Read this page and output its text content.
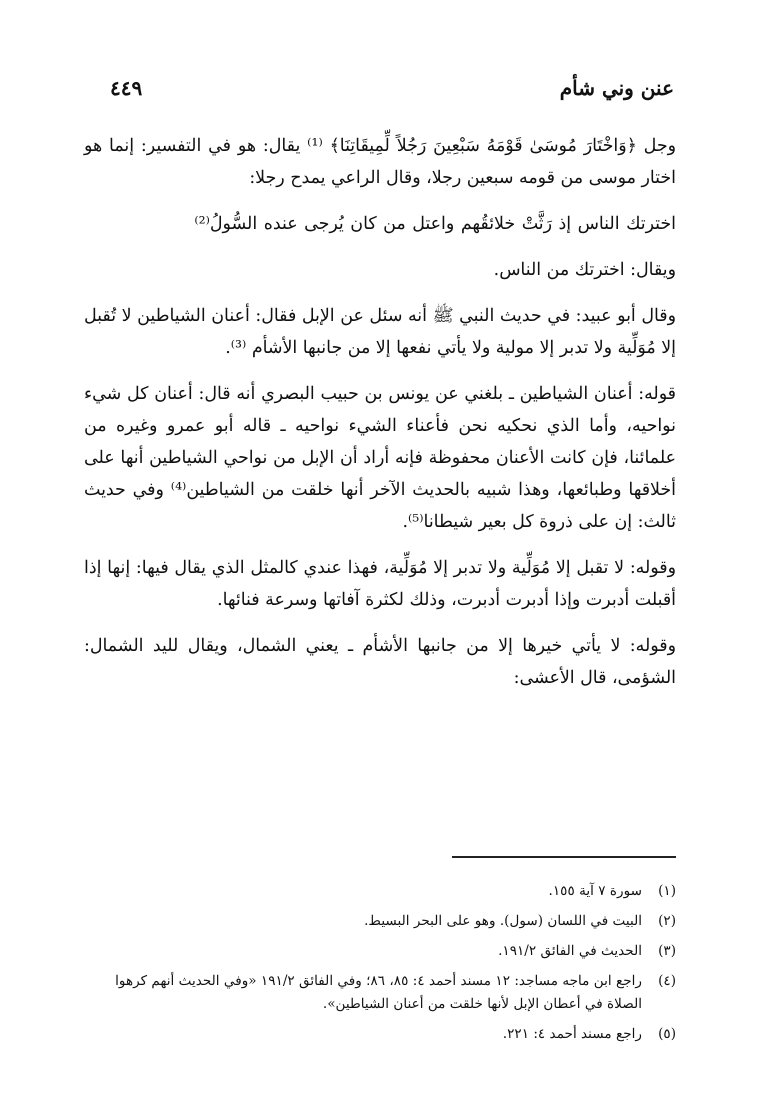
عنن وني شأم
٤٤٩

وجل ﴿وَاخْتَارَ مُوسَىٰ قَوْمَهُ سَبْعِينَ رَجُلاً لِّمِيقَاتِنَا﴾ ⁽¹⁾ يقال: هو في التفسير: إنما هو اختار موسى من قومه سبعين رجلا، وقال الراعي يمدح رجلا:

اخترتك الناس إذ رَثَّتْ خلائقُهم واعتل من كان يُرجى عنده السُّولُ⁽²⁾

ويقال: اخترتك من الناس.

وقال أبو عبيد: في حديث النبي ﷺ أنه سئل عن الإبل فقال: أعنان الشياطين لا تُقبل إلا مُوَلِّية ولا تدبر إلا مولية ولا يأتي نفعها إلا من جانبها الأشأم ⁽³⁾.

قوله: أعنان الشياطين ـ بلغني عن يونس بن حبيب البصري أنه قال: أعنان كل شيء نواحيه، وأما الذي نحكيه نحن فأعناء الشيء نواحيه ـ قاله أبو عمرو وغيره من علمائنا، فإن كانت الأعنان محفوظة فإنه أراد أن الإبل من نواحي الشياطين أنها على أخلاقها وطبائعها، وهذا شبيه بالحديث الآخر أنها خلقت من الشياطين⁽⁴⁾ وفي حديث ثالث: إن على ذروة كل بعير شيطانا⁽⁵⁾.

وقوله: لا تقبل إلا مُوَلِّية ولا تدبر إلا مُوَلِّية، فهذا عندي كالمثل الذي يقال فيها: إنها إذا أقبلت أدبرت وإذا أدبرت أدبرت، وذلك لكثرة آفاتها وسرعة فنائها.

وقوله: لا يأتي خيرها إلا من جانبها الأشأم ـ يعني الشمال، ويقال لليد الشمال: الشؤمى، قال الأعشى:

(١)
سورة ٧ آية ١٥٥.
(٢)
البيت في اللسان (سول). وهو على البحر البسيط.
(٣)
الحديث في الفائق ١٩١/٢.
(٤)
راجع ابن ماجه مساجد: ١٢ مسند أحمد ٤: ٨٥، ٨٦؛ وفي الفائق ١٩١/٢ «وفي الحديث أنهم كرهوا الصلاة في أعطان الإبل لأنها خلقت من أعنان الشياطين».
(٥)
راجع مسند أحمد ٤: ٢٢١.
